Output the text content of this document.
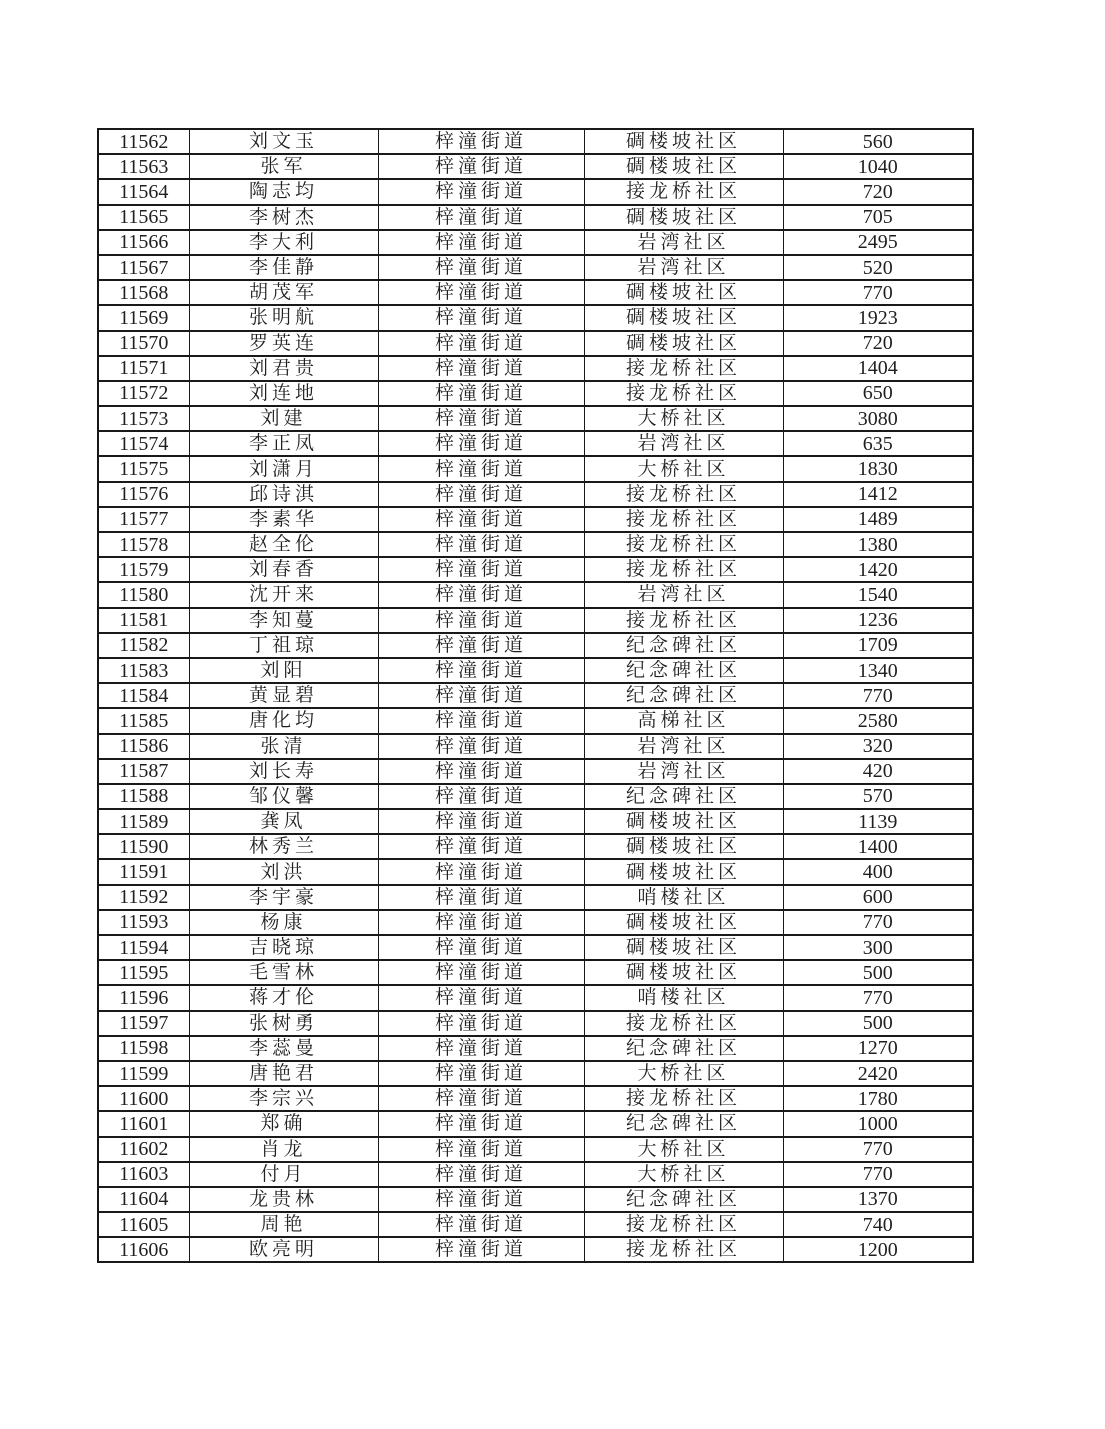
11562	刘文玉	梓潼街道	碉楼坡社区	560
11563	张军	梓潼街道	碉楼坡社区	1040
11564	陶志均	梓潼街道	接龙桥社区	720
11565	李树杰	梓潼街道	碉楼坡社区	705
11566	李大利	梓潼街道	岩湾社区	2495
11567	李佳静	梓潼街道	岩湾社区	520
11568	胡茂军	梓潼街道	碉楼坡社区	770
11569	张明航	梓潼街道	碉楼坡社区	1923
11570	罗英连	梓潼街道	碉楼坡社区	720
11571	刘君贵	梓潼街道	接龙桥社区	1404
11572	刘连地	梓潼街道	接龙桥社区	650
11573	刘建	梓潼街道	大桥社区	3080
11574	李正凤	梓潼街道	岩湾社区	635
11575	刘潇月	梓潼街道	大桥社区	1830
11576	邱诗淇	梓潼街道	接龙桥社区	1412
11577	李素华	梓潼街道	接龙桥社区	1489
11578	赵全伦	梓潼街道	接龙桥社区	1380
11579	刘春香	梓潼街道	接龙桥社区	1420
11580	沈开来	梓潼街道	岩湾社区	1540
11581	李知蔓	梓潼街道	接龙桥社区	1236
11582	丁祖琼	梓潼街道	纪念碑社区	1709
11583	刘阳	梓潼街道	纪念碑社区	1340
11584	黄显碧	梓潼街道	纪念碑社区	770
11585	唐化均	梓潼街道	高梯社区	2580
11586	张清	梓潼街道	岩湾社区	320
11587	刘长寿	梓潼街道	岩湾社区	420
11588	邹仪馨	梓潼街道	纪念碑社区	570
11589	龚凤	梓潼街道	碉楼坡社区	1139
11590	林秀兰	梓潼街道	碉楼坡社区	1400
11591	刘洪	梓潼街道	碉楼坡社区	400
11592	李宇豪	梓潼街道	哨楼社区	600
11593	杨康	梓潼街道	碉楼坡社区	770
11594	吉晓琼	梓潼街道	碉楼坡社区	300
11595	毛雪林	梓潼街道	碉楼坡社区	500
11596	蒋才伦	梓潼街道	哨楼社区	770
11597	张树勇	梓潼街道	接龙桥社区	500
11598	李蕊曼	梓潼街道	纪念碑社区	1270
11599	唐艳君	梓潼街道	大桥社区	2420
11600	李宗兴	梓潼街道	接龙桥社区	1780
11601	郑确	梓潼街道	纪念碑社区	1000
11602	肖龙	梓潼街道	大桥社区	770
11603	付月	梓潼街道	大桥社区	770
11604	龙贵林	梓潼街道	纪念碑社区	1370
11605	周艳	梓潼街道	接龙桥社区	740
11606	欧亮明	梓潼街道	接龙桥社区	1200
